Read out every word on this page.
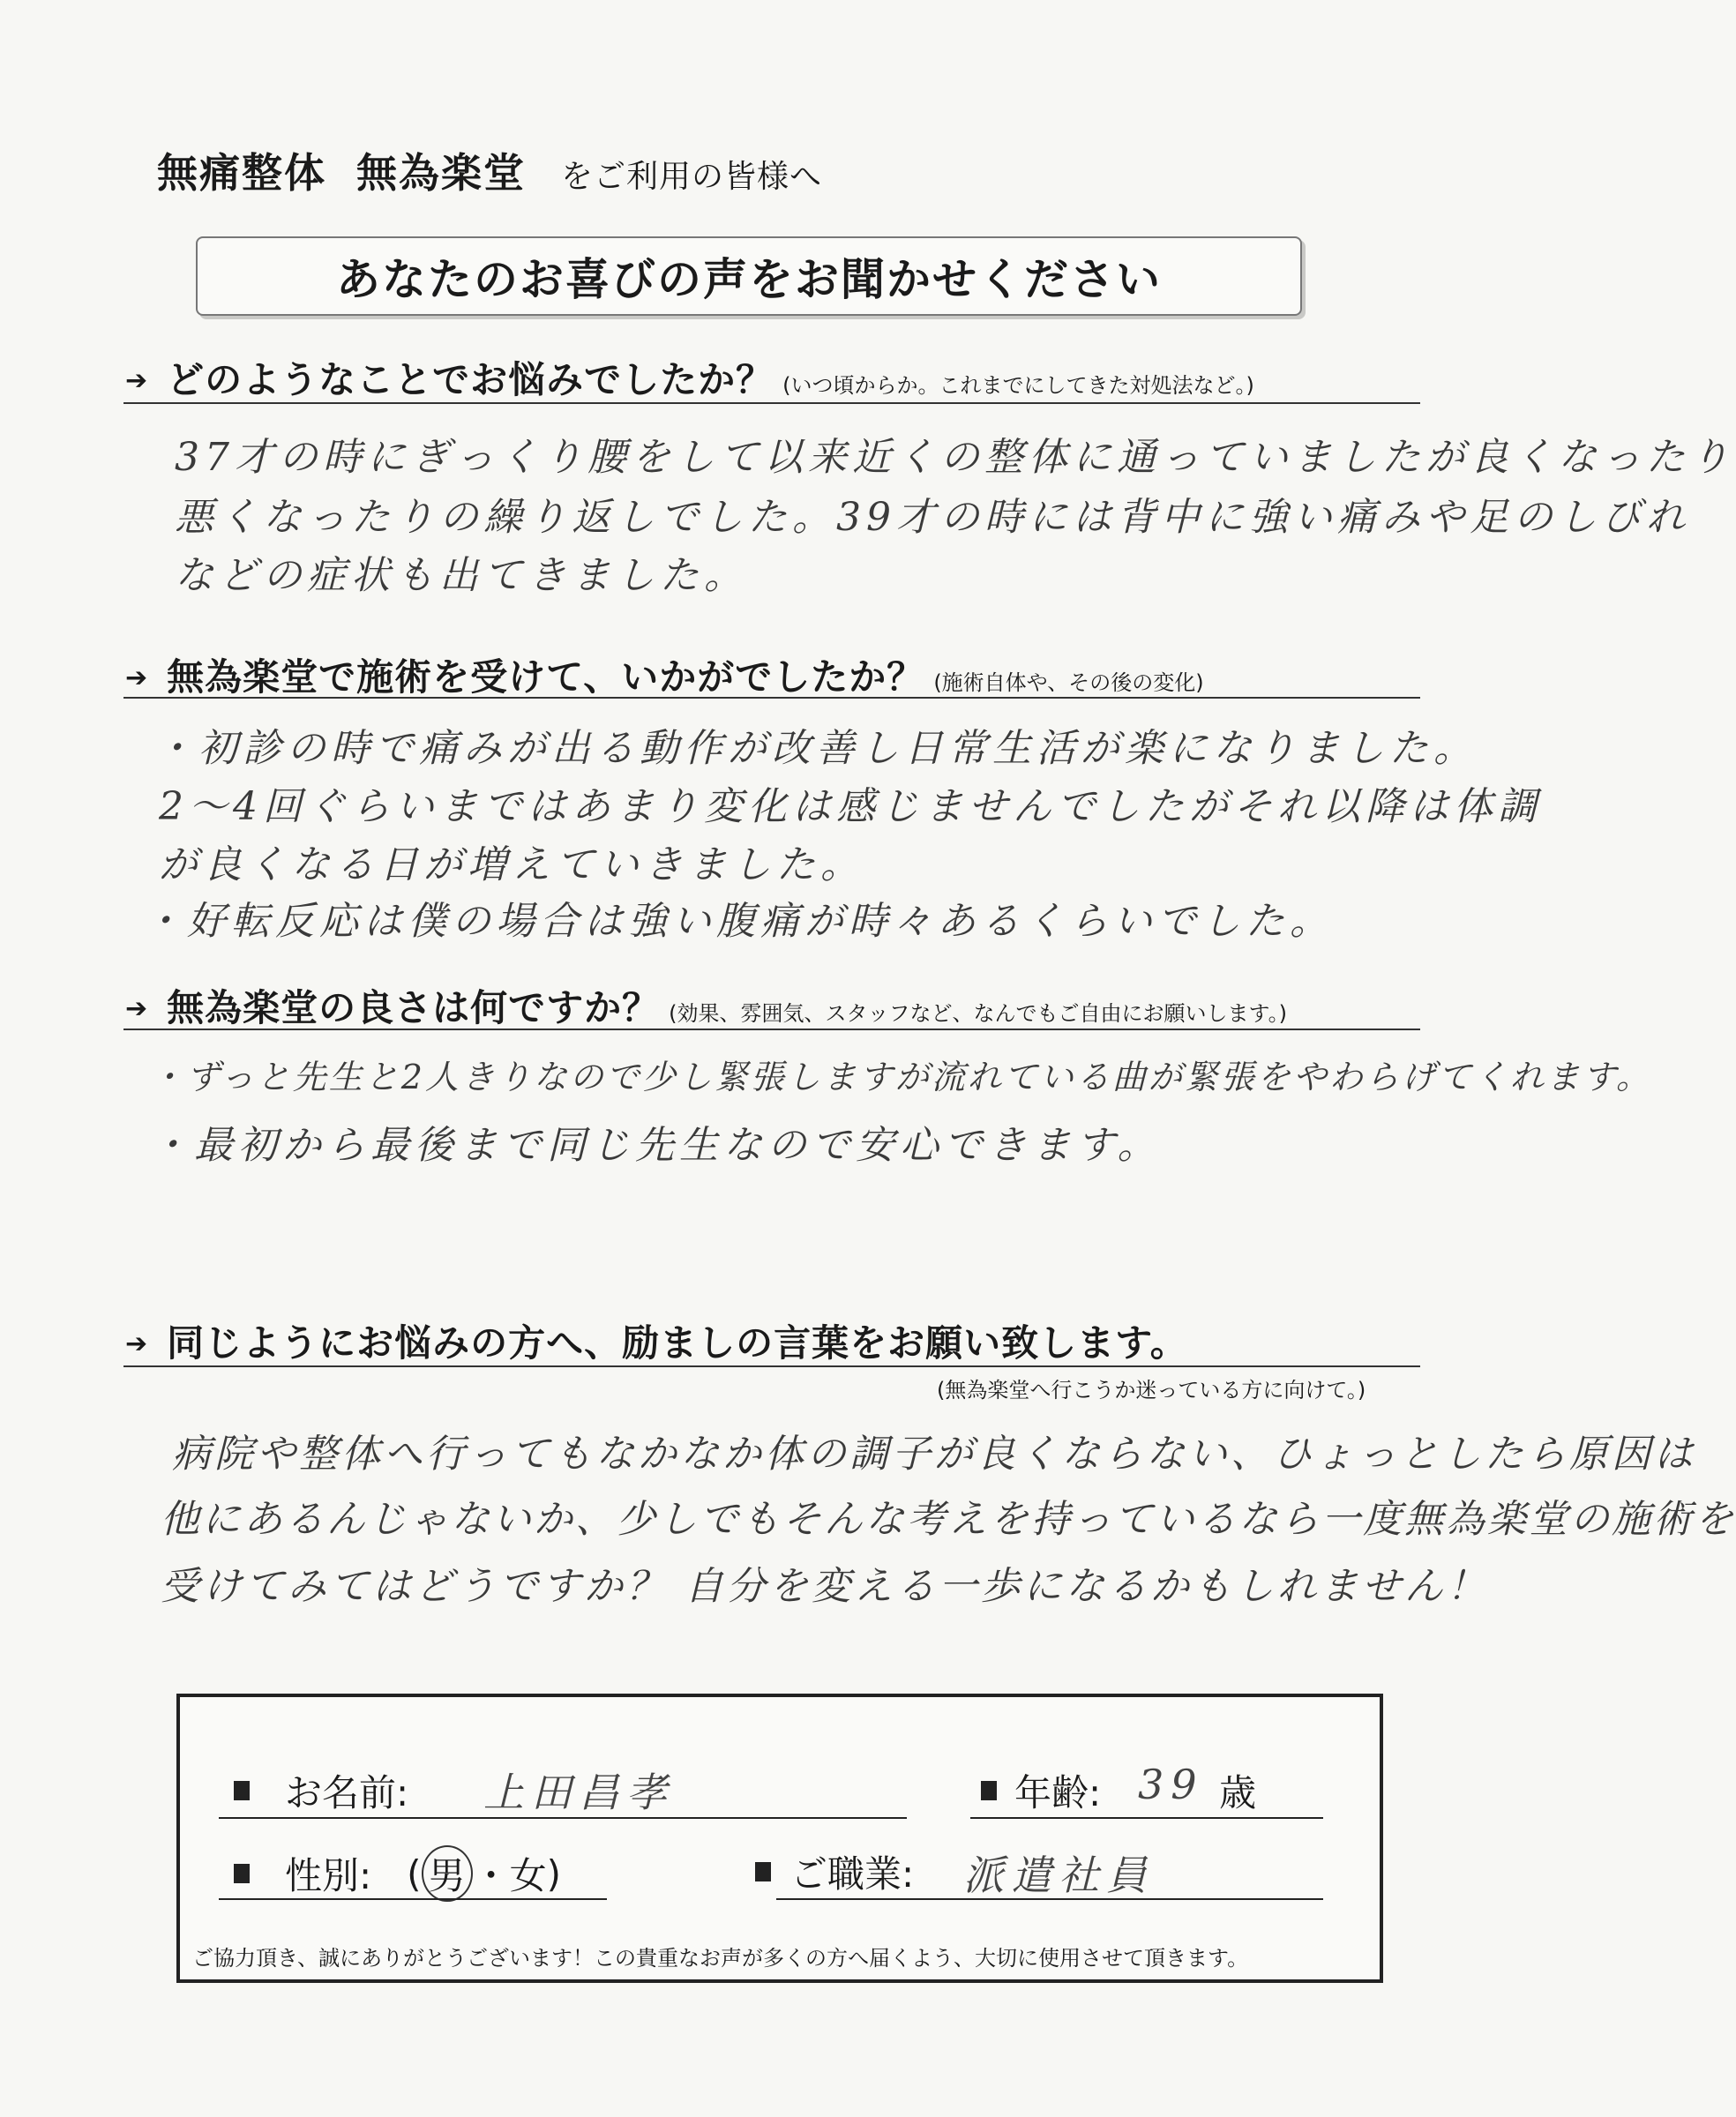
無痛整体 無為楽堂 をご利用の皆様へ
あなたのお喜びの声をお聞かせください
➔ どのようなことでお悩みでしたか？ (いつ頃からか。これまでにしてきた対処法など。)
37才の時にぎっくり腰をして以来近くの整体に通っていましたが良くなったり
悪くなったりの繰り返しでした。39才の時には背中に強い痛みや足のしびれ
などの症状も出てきました。
➔ 無為楽堂で施術を受けて、いかがでしたか？ (施術自体や、その後の変化)
・初診の時で痛みが出る動作が改善し日常生活が楽になりました。
2〜4回ぐらいまではあまり変化は感じませんでしたがそれ以降は体調
が良くなる日が増えていきました。
・好転反応は僕の場合は強い腹痛が時々あるくらいでした。
➔ 無為楽堂の良さは何ですか？ (効果、雰囲気、スタッフなど、なんでもご自由にお願いします。)
・ずっと先生と2人きりなので少し緊張しますが流れている曲が緊張をやわらげてくれます。
・最初から最後まで同じ先生なので安心できます。
➔ 同じようにお悩みの方へ、励ましの言葉をお願い致します。
(無為楽堂へ行こうか迷っている方に向けて。)
病院や整体へ行ってもなかなか体の調子が良くならない、ひょっとしたら原因は
他にあるんじゃないか、少しでもそんな考えを持っているなら一度無為楽堂の施術を
受けてみてはどうですか？ 自分を変える一歩になるかもしれません！
お名前: 上田昌孝	年齢: 39 歳
性別: ( 男 ・ 女 )	ご職業: 派遣社員
ご協力頂き、誠にありがとうございます！この貴重なお声が多くの方へ届くよう、大切に使用させて頂きます。
